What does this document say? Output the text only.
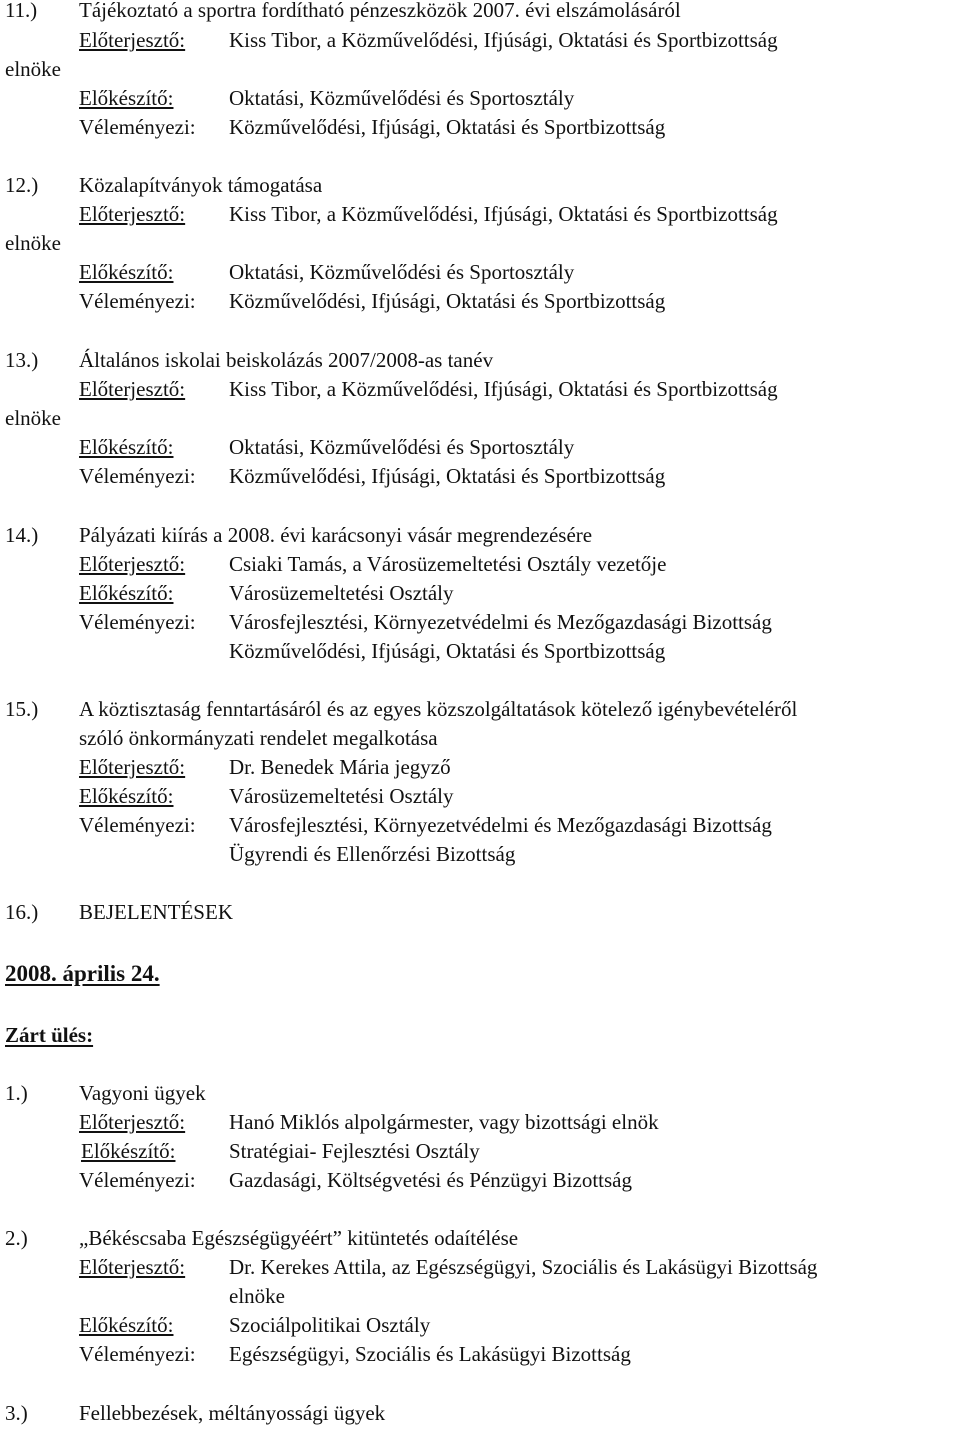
11.) Tájékoztató a sportra fordítható pénzeszközök 2007. évi elszámolásáról
Előterjesztő: Kiss Tibor, a Közművelődési, Ifjúsági, Oktatási és Sportbizottság
elnöke
Előkészítő:	Oktatási, Közművelődési és Sportosztály
Véleményezi: Közművelődési, Ifjúsági, Oktatási és Sportbizottság
12.) Közalapítványok támogatása
Előterjesztő: Kiss Tibor, a Közművelődési, Ifjúsági, Oktatási és Sportbizottság
elnöke
Előkészítő:	Oktatási, Közművelődési és Sportosztály
Véleményezi: Közművelődési, Ifjúsági, Oktatási és Sportbizottság
13.) Általános iskolai beiskolázás 2007/2008-as tanév
Előterjesztő: Kiss Tibor, a Közművelődési, Ifjúsági, Oktatási és Sportbizottság
elnöke
Előkészítő:	Oktatási, Közművelődési és Sportosztály
Véleményezi: Közművelődési, Ifjúsági, Oktatási és Sportbizottság
14.) Pályázati kiírás a 2008. évi karácsonyi vásár megrendezésére
Előterjesztő: Csiaki Tamás, a Városüzemeltetési Osztály vezetője
Előkészítő:	Városüzemeltetési Osztály
Véleményezi: Városfejlesztési, Környezetvédelmi és Mezőgazdasági Bizottság
Közművelődési, Ifjúsági, Oktatási és Sportbizottság
15.) A köztisztaság fenntartásáról és az egyes közszolgáltatások kötelező igénybevételéről
szóló önkormányzati rendelet megalkotása
Előterjesztő: Dr. Benedek Mária jegyző
Előkészítő:	Városüzemeltetési Osztály
Véleményezi: Városfejlesztési, Környezetvédelmi és Mezőgazdasági Bizottság
Ügyrendi és Ellenőrzési Bizottság
16.) BEJELENTÉSEK
2008. április 24.
Zárt ülés:
1.) Vagyoni ügyek
Előterjesztő: Hanó Miklós alpolgármester, vagy bizottsági elnök
Előkészítő:	Stratégiai- Fejlesztési Osztály
Véleményezi: Gazdasági, Költségvetési és Pénzügyi Bizottság
2.) „Békéscsaba Egészségügyéért” kitüntetés odaítélése
Előterjesztő: Dr. Kerekes Attila, az Egészségügyi, Szociális és Lakásügyi Bizottság
elnöke
Előkészítő:	Szociálpolitikai Osztály
Véleményezi: Egészségügyi, Szociális és Lakásügyi Bizottság
3.) Fellebbezések, méltányossági ügyek
